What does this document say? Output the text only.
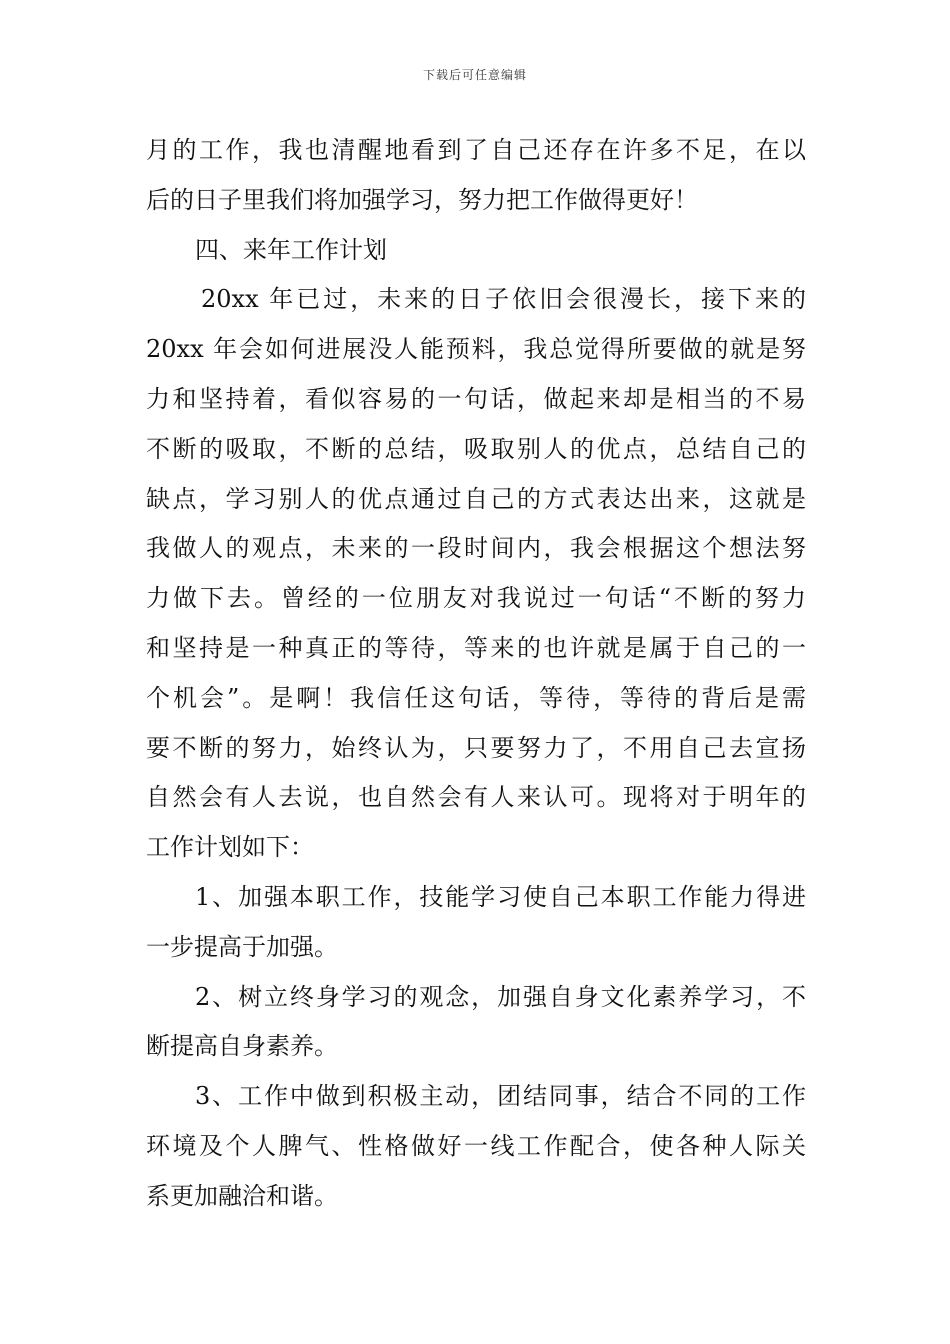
下载后可任意编辑
月的工作，我也清醒地看到了自己还存在许多不足，在以
后的日子里我们将加强学习，努力把工作做得更好！
四、来年工作计划
20xx 年已过，未来的日子依旧会很漫长，接下来的
20xx 年会如何进展没人能预料，我总觉得所要做的就是努
力和坚持着，看似容易的一句话，做起来却是相当的不易
不断的吸取，不断的总结，吸取别人的优点，总结自己的
缺点，学习别人的优点通过自己的方式表达出来，这就是
我做人的观点，未来的一段时间内，我会根据这个想法努
力做下去。曾经的一位朋友对我说过一句话“不断的努力
和坚持是一种真正的等待，等来的也许就是属于自己的一
个机会”。是啊！我信任这句话，等待，等待的背后是需
要不断的努力，始终认为，只要努力了，不用自己去宣扬
自然会有人去说，也自然会有人来认可。现将对于明年的
工作计划如下：
1、加强本职工作，技能学习使自己本职工作能力得进
一步提高于加强。
2、树立终身学习的观念，加强自身文化素养学习，不
断提高自身素养。
3、工作中做到积极主动，团结同事，结合不同的工作
环境及个人脾气、性格做好一线工作配合，使各种人际关
系更加融洽和谐。
